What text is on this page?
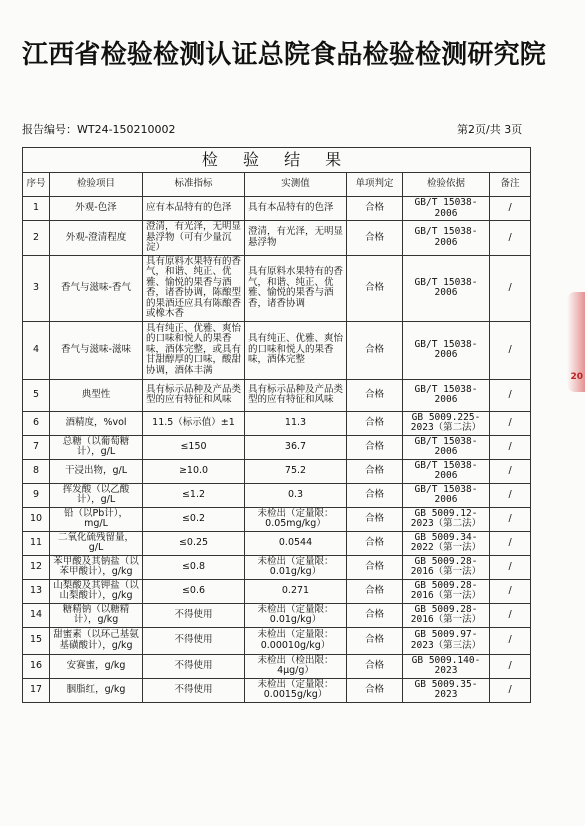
江西省检验检测认证总院食品检验检测研究院
报告编号：WT24-150210002	第2页/共 3页
检 验 结 果						
序号	检验项目	标准指标	实测值	单项判定	检验依据	备注
1	外观-色泽	应有本品特有的色泽	具有本品特有的色泽	合格	GB/T 15038-2006	/
2	外观-澄清程度	澄清，有光泽，无明显悬浮物（可有少量沉淀）	澄清，有光泽，无明显悬浮物	合格	GB/T 15038-2006	/
3	香气与滋味-香气	具有原料水果特有的香气，和谐、纯正、优雅、愉悦的果香与酒香，诸香协调，陈酿型的果酒还应具有陈酿香或橡木香	具有原料水果特有的香气，和谐、纯正、优雅、愉悦的果香与酒香，诸香协调	合格	GB/T 15038-2006	/
4	香气与滋味-滋味	具有纯正、优雅、爽怡的口味和悦人的果香味，酒体完整，或具有甘甜醇厚的口味，酸甜协调，酒体丰满	具有纯正、优雅、爽怡的口味和悦人的果香味，酒体完整	合格	GB/T 15038-2006	/
5	典型性	具有标示品种及产品类型的应有特征和风味	具有标示品种及产品类型的应有特征和风味	合格	GB/T 15038-2006	/
6	酒精度，%vol	11.5（标示值）±1	11.3	合格	GB 5009.225-2023（第二法）	/
7	总糖（以葡萄糖计），g/L	≤150	36.7	合格	GB/T 15038-2006	/
8	干浸出物，g/L	≥10.0	75.2	合格	GB/T 15038-2006	/
9	挥发酸（以乙酸计），g/L	≤1.2	0.3	合格	GB/T 15038-2006	/
10	铅（以Pb计），mg/L	≤0.2	未检出（定量限：0.05mg/kg）	合格	GB 5009.12-2023（第二法）	/
11	二氧化硫残留量，g/L	≤0.25	0.0544	合格	GB 5009.34-2022（第一法）	/
12	苯甲酸及其钠盐（以苯甲酸计），g/kg	≤0.8	未检出（定量限：0.01g/kg）	合格	GB 5009.28-2016（第一法）	/
13	山梨酸及其钾盐（以山梨酸计），g/kg	≤0.6	0.271	合格	GB 5009.28-2016（第一法）	/
14	糖精钠（以糖精计），g/kg	不得使用	未检出（定量限：0.01g/kg）	合格	GB 5009.28-2016（第一法）	/
15	甜蜜素（以环己基氨基磺酸计），g/kg	不得使用	未检出（定量限：0.00010g/kg）	合格	GB 5009.97-2023（第三法）	/
16	安赛蜜，g/kg	不得使用	未检出（检出限：4μg/g）	合格	GB 5009.140-2023	/
17	胭脂红，g/kg	不得使用	未检出（定量限：0.0015g/kg）	合格	GB 5009.35-2023	/
20
